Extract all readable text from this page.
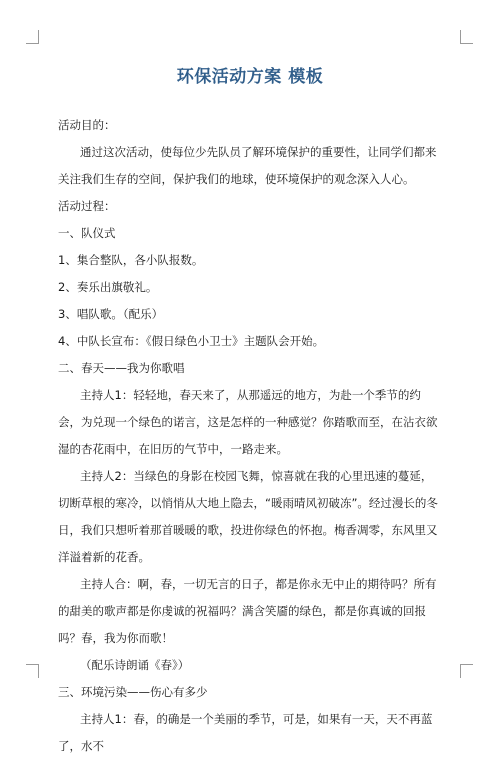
环保活动方案 模板

活动目的：

通过这次活动，使每位少先队员了解环境保护的重要性，让同学们都来关注我们生存的空间，保护我们的地球，使环境保护的观念深入人心。

活动过程：

一、队仪式

1、集合整队，各小队报数。

2、奏乐出旗敬礼。

3、唱队歌。（配乐）

4、中队长宣布：《假日绿色小卫士》主题队会开始。

二、春天——我为你歌唱

主持人1：轻轻地，春天来了，从那遥远的地方，为赴一个季节的约会，为兑现一个绿色的诺言，这是怎样的一种感觉？你踏歌而至，在沾衣欲湿的杏花雨中，在旧历的气节中，一路走来。

主持人2：当绿色的身影在校园飞舞，惊喜就在我的心里迅速的蔓延，切断草根的寒冷，以悄悄从大地上隐去，“暖雨晴风初破冻”。经过漫长的冬日，我们只想听着那首暖暖的歌，投进你绿色的怀抱。梅香凋零，东风里又洋溢着新的花香。

主持人合：啊，春，一切无言的日子，都是你永无中止的期待吗？所有的甜美的歌声都是你虔诚的祝福吗？满含笑靥的绿色，都是你真诚的回报吗？春，我为你而歌！

（配乐诗朗诵《春》）

三、环境污染——伤心有多少

主持人1：春，的确是一个美丽的季节，可是，如果有一天，天不再蓝了，水不
